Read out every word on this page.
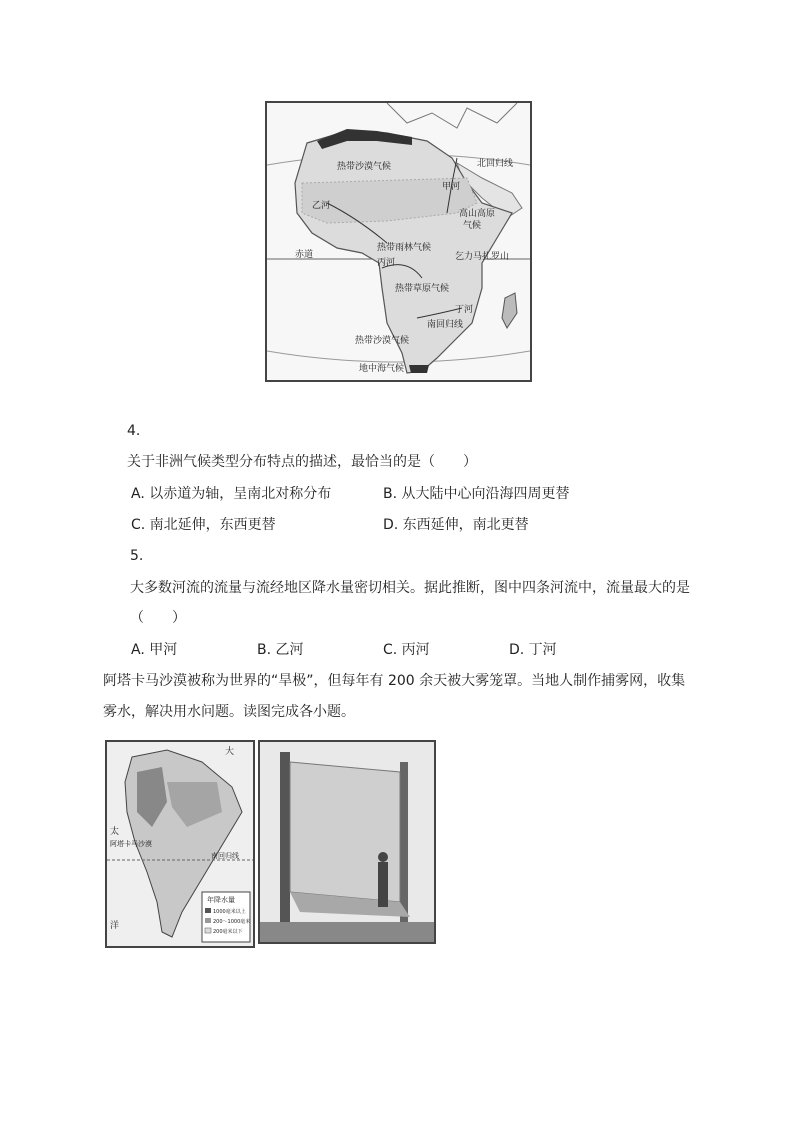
热带沙漠气候	北回归线
甲河
乙河
高山高原
气候
热带雨林气候
赤道
丙河
乞力马扎罗山
热带草原气候
丁河
南回归线
热带沙漠气候
地中海气候
4.
关于非洲气候类型分布特点的描述，最恰当的是（　　）
A. 以赤道为轴，呈南北对称分布	B. 从大陆中心向沿海四周更替
C. 南北延伸，东西更替	D. 东西延伸，南北更替
5.
大多数河流的流量与流经地区降水量密切相关。据此推断，图中四条河流中，流量最大的是
（　　）
A. 甲河	B. 乙河	C. 丙河	D. 丁河
阿塔卡马沙漠被称为世界的“旱极”，但每年有 200 余天被大雾笼罩。当地人制作捕雾网，收集
雾水，解决用水问题。读图完成各小题。
大
太
阿塔卡马沙漠
南回归线
洋
年降水量
1000毫米以上
200～1000毫米
200毫米以下
